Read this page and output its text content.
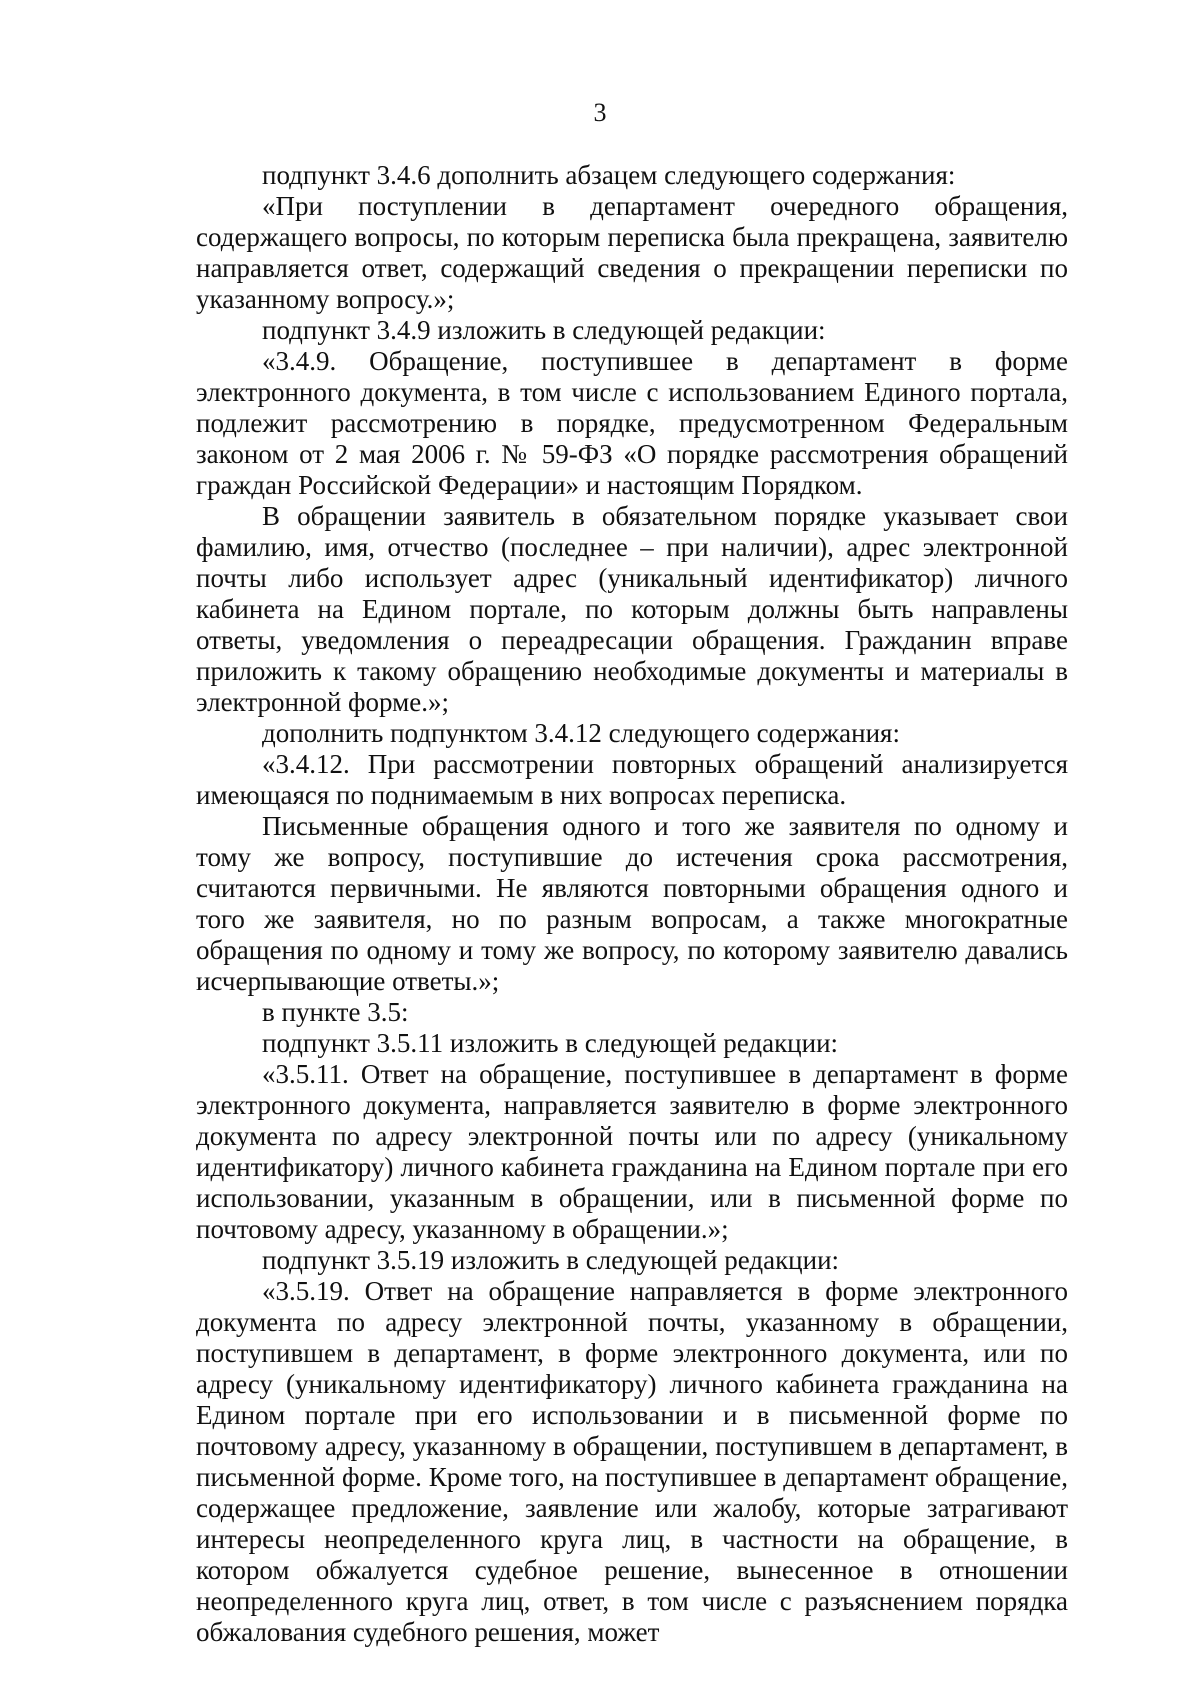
3

подпункт 3.4.6 дополнить абзацем следующего содержания:

«При поступлении в департамент очередного обращения, содержащего вопросы, по которым переписка была прекращена, заявителю направляется ответ, содержащий сведения о прекращении переписки по указанному вопросу.»;

подпункт 3.4.9 изложить в следующей редакции:

«3.4.9. Обращение, поступившее в департамент в форме электронного документа, в том числе с использованием Единого портала, подлежит рассмотрению в порядке, предусмотренном Федеральным законом от 2 мая 2006 г. № 59-ФЗ «О порядке рассмотрения обращений граждан Российской Федерации» и настоящим Порядком.

В обращении заявитель в обязательном порядке указывает свои фамилию, имя, отчество (последнее – при наличии), адрес электронной почты либо использует адрес (уникальный идентификатор) личного кабинета на Едином портале, по которым должны быть направлены ответы, уведомления о переадресации обращения. Гражданин вправе приложить к такому обращению необходимые документы и материалы в электронной форме.»;

дополнить подпунктом 3.4.12 следующего содержания:

«3.4.12. При рассмотрении повторных обращений анализируется имеющаяся по поднимаемым в них вопросах переписка.

Письменные обращения одного и того же заявителя по одному и тому же вопросу, поступившие до истечения срока рассмотрения, считаются первичными. Не являются повторными обращения одного и того же заявителя, но по разным вопросам, а также многократные обращения по одному и тому же вопросу, по которому заявителю давались исчерпывающие ответы.»;

в пункте 3.5:

подпункт 3.5.11 изложить в следующей редакции:

«3.5.11. Ответ на обращение, поступившее в департамент в форме электронного документа, направляется заявителю в форме электронного документа по адресу электронной почты или по адресу (уникальному идентификатору) личного кабинета гражданина на Едином портале при его использовании, указанным в обращении, или в письменной форме по почтовому адресу, указанному в обращении.»;

подпункт 3.5.19 изложить в следующей редакции:

«3.5.19. Ответ на обращение направляется в форме электронного документа по адресу электронной почты, указанному в обращении, поступившем в департамент, в форме электронного документа, или по адресу (уникальному идентификатору) личного кабинета гражданина на Едином портале при его использовании и в письменной форме по почтовому адресу, указанному в обращении, поступившем в департамент, в письменной форме. Кроме того, на поступившее в департамент обращение, содержащее предложение, заявление или жалобу, которые затрагивают интересы неопределенного круга лиц, в частности на обращение, в котором обжалуется судебное решение, вынесенное в отношении неопределенного круга лиц, ответ, в том числе с разъяснением порядка обжалования судебного решения, может
